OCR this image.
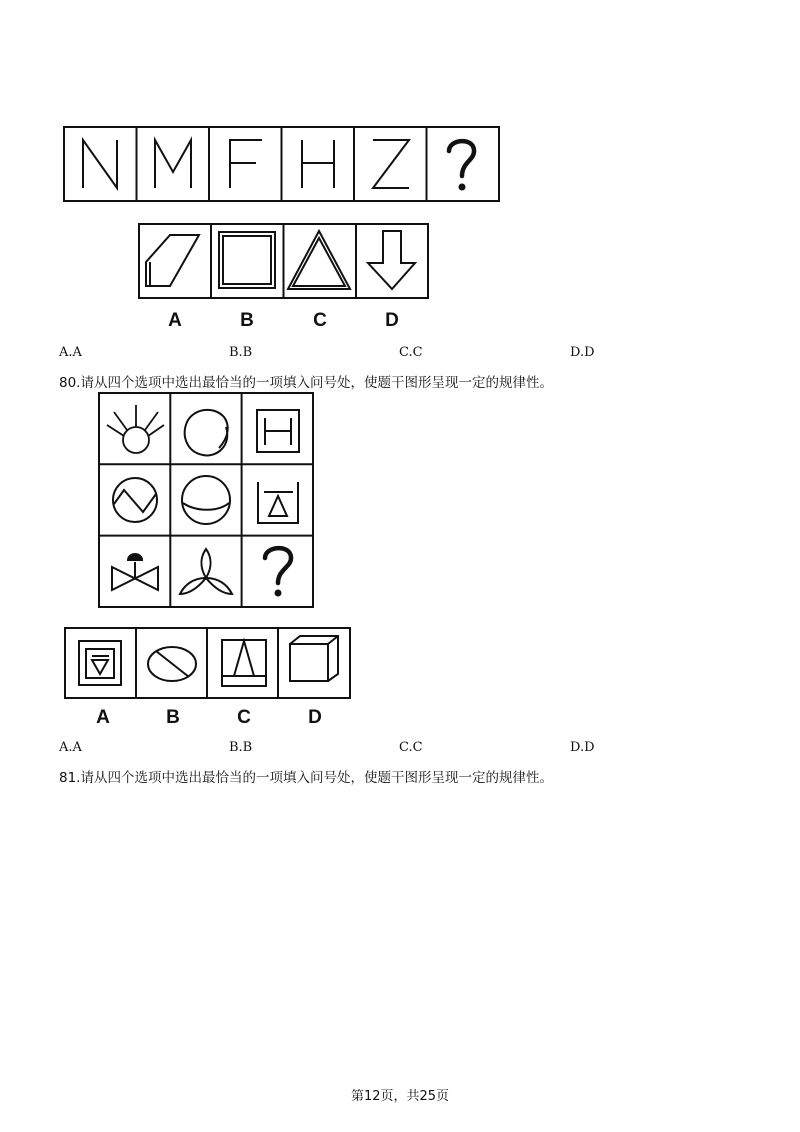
A	B	C	D
A.A	B.B	C.C	D.D
80.请从四个选项中选出最恰当的一项填入问号处，使题干图形呈现一定的规律性。
A	B	C	D
A.A	B.B	C.C	D.D
81.请从四个选项中选出最恰当的一项填入问号处，使题干图形呈现一定的规律性。
第12页，共25页
